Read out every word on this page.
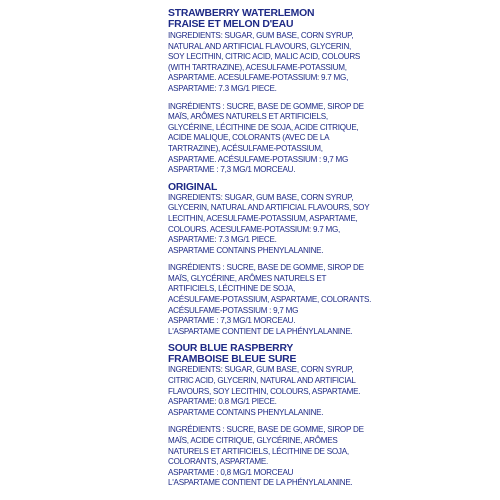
STRAWBERRY WATERLEMON

FRAISE ET MELON D'EAU

INGREDIENTS: SUGAR, GUM BASE, CORN SYRUP,
NATURAL AND ARTIFICIAL FLAVOURS, GLYCERIN,
SOY LECITHIN, CITRIC ACID, MALIC ACID, COLOURS
(WITH TARTRAZINE), ACESULFAME-POTASSIUM,
ASPARTAME. ACESULFAME-POTASSIUM: 9.7 MG,
ASPARTAME: 7.3 MG/1 PIECE.
INGRÉDIENTS : SUCRE, BASE DE GOMME, SIROP DE
MAÏS, ARÔMES NATURELS ET ARTIFICIELS,
GLYCÉRINE, LÉCITHINE DE SOJA, ACIDE CITRIQUE,
ACIDE MALIQUE, COLORANTS (AVEC DE LA
TARTRAZINE), ACÉSULFAME-POTASSIUM,
ASPARTAME. ACÉSULFAME-POTASSIUM : 9,7 MG
ASPARTAME : 7,3 MG/1 MORCEAU.

ORIGINAL

INGREDIENTS: SUGAR, GUM BASE, CORN SYRUP,
GLYCERIN, NATURAL AND ARTIFICIAL FLAVOURS, SOY
LECITHIN, ACESULFAME-POTASSIUM, ASPARTAME,
COLOURS. ACESULFAME-POTASSIUM: 9.7 MG,
ASPARTAME: 7.3 MG/1 PIECE.
ASPARTAME CONTAINS PHENYLALANINE.
INGRÉDIENTS : SUCRE, BASE DE GOMME, SIROP DE
MAÏS, GLYCÉRINE, ARÔMES NATURELS ET
ARTIFICIELS, LÉCITHINE DE SOJA,
ACÉSULFAME-POTASSIUM, ASPARTAME, COLORANTS.
ACÉSULFAME-POTASSIUM : 9,7 MG
ASPARTAME : 7,3 MG/1 MORCEAU.
L'ASPARTAME CONTIENT DE LA PHÉNYLALANINE.

SOUR BLUE RASPBERRY

FRAMBOISE BLEUE SURE

INGREDIENTS: SUGAR, GUM BASE, CORN SYRUP,
CITRIC ACID, GLYCERIN, NATURAL AND ARTIFICIAL
FLAVOURS, SOY LECITHIN, COLOURS, ASPARTAME.
ASPARTAME: 0.8 MG/1 PIECE.
ASPARTAME CONTAINS PHENYLALANINE.
INGRÉDIENTS : SUCRE, BASE DE GOMME, SIROP DE
MAÏS, ACIDE CITRIQUE, GLYCÉRINE, ARÔMES
NATURELS ET ARTIFICIELS, LÉCITHINE DE SOJA,
COLORANTS, ASPARTAME.
ASPARTAME : 0,8 MG/1 MORCEAU
L'ASPARTAME CONTIENT DE LA PHÉNYLALANINE.
